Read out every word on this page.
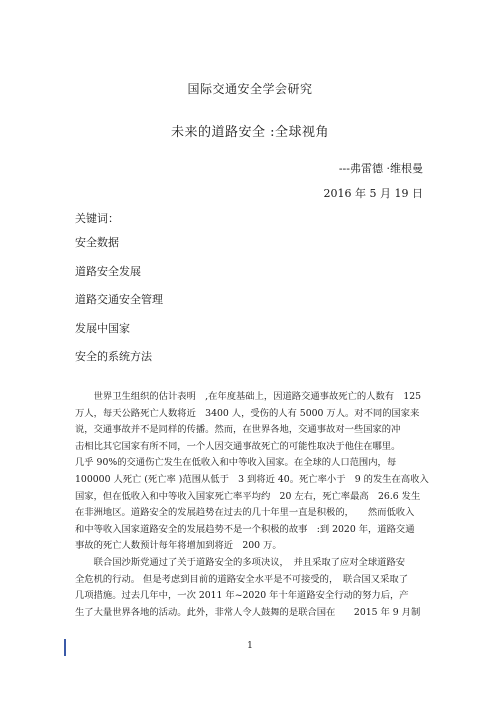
国际交通安全学会研究
未来的道路安全 :全球视角
---弗雷德 ·维根曼
2016 年 5 月 19 日
关键词：
安全数据
道路安全发展
道路交通安全管理
发展中国家
安全的系统方法
　　世界卫生组织的估计表明　,在年度基础上，因道路交通事故死亡的人数有　125
万人，每天公路死亡人数将近　3400 人，受伤的人有 5000 万人。对不同的国家来
说，交通事故并不是同样的传播。然而，在世界各地，交通事故对一些国家的冲
击相比其它国家有所不同，一个人因交通事故死亡的可能性取决于他住在哪里。
几乎 90%的交通伤亡发生在低收入和中等收入国家。在全球的人口范围内，每
100000 人死亡 (死亡率 )范围从低于　3 到将近 40。死亡率小于　9 的发生在高收入
国家，但在低收入和中等收入国家死亡率平均约　20 左右，死亡率最高　26.6 发生
在非洲地区。道路安全的发展趋势在过去的几十年里一直是积极的，　　然而低收入
和中等收入国家道路安全的发展趋势不是一个积极的故事　:到 2020 年，道路交通
事故的死亡人数预计每年将增加到将近　200 万。
　　联合国沙斯党通过了关于道路安全的多项决议，　并且采取了应对全球道路安
全危机的行动。 但是考虑到目前的道路安全水平是不可接受的，　联合国又采取了
几项措施。过去几年中，一次 2011 年~2020 年十年道路安全行动的努力后，产
生了大量世界各地的活动。此外，非常人令人鼓舞的是联合国在　　2015 年 9 月制
1
